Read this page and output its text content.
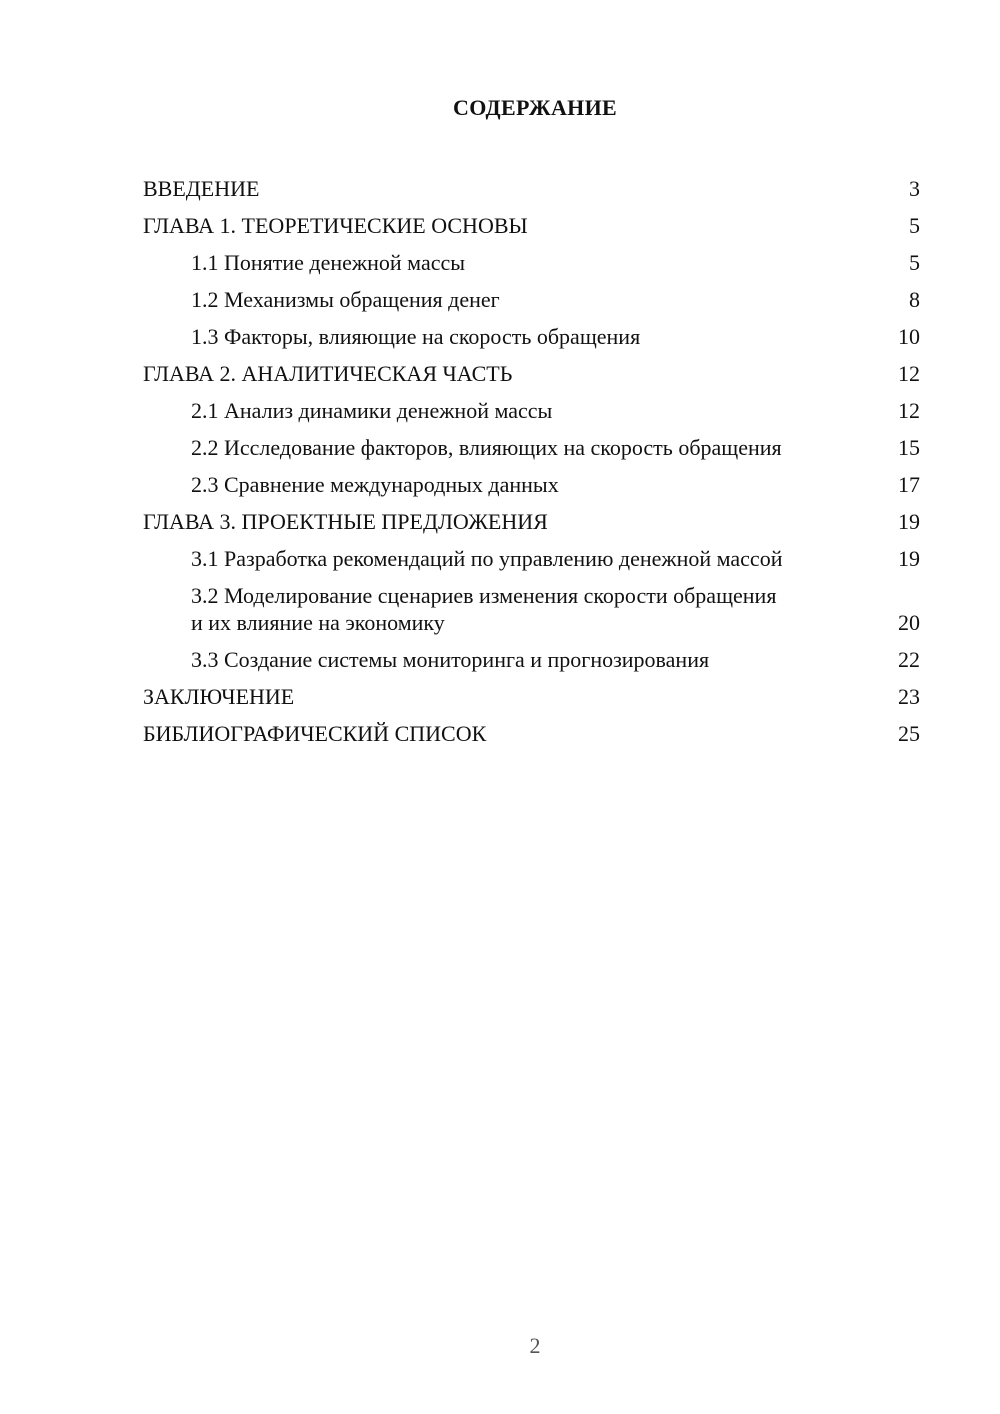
СОДЕРЖАНИЕ
ВВЕДЕНИЕ	3
ГЛАВА 1. ТЕОРЕТИЧЕСКИЕ ОСНОВЫ	5
1.1 Понятие денежной массы	5
1.2 Механизмы обращения денег	8
1.3 Факторы, влияющие на скорость обращения	10
ГЛАВА 2. АНАЛИТИЧЕСКАЯ ЧАСТЬ	12
2.1 Анализ динамики денежной массы	12
2.2 Исследование факторов, влияющих на скорость обращения	15
2.3 Сравнение международных данных	17
ГЛАВА 3. ПРОЕКТНЫЕ ПРЕДЛОЖЕНИЯ	19
3.1 Разработка рекомендаций по управлению денежной массой	19
3.2 Моделирование сценариев изменения скорости обращения и их влияние на экономику	20
3.3 Создание системы мониторинга и прогнозирования	22
ЗАКЛЮЧЕНИЕ	23
БИБЛИОГРАФИЧЕСКИЙ СПИСОК	25
2
